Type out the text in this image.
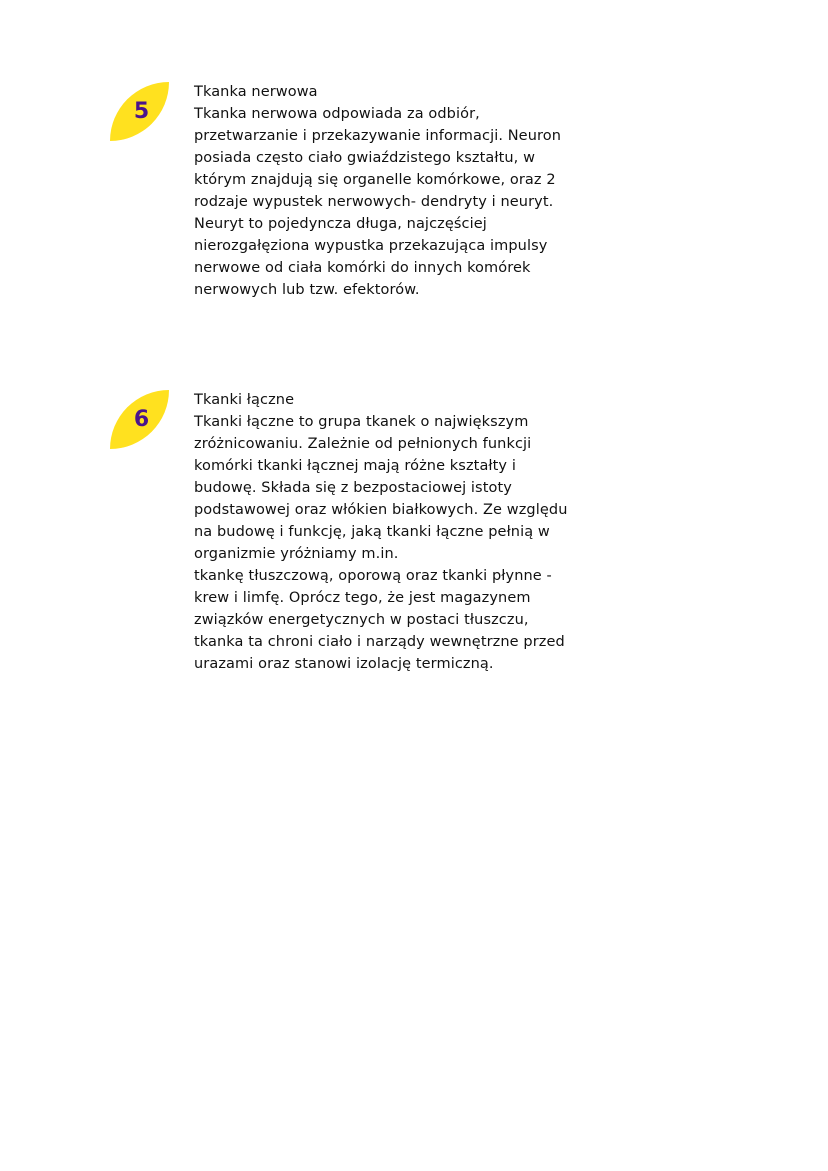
5
Tkanka nerwowa
Tkanka nerwowa odpowiada za odbiór,
przetwarzanie i przekazywanie informacji. Neuron
posiada często ciało gwiaździstego kształtu, w
którym znajdują się organelle komórkowe, oraz 2
rodzaje wypustek nerwowych- dendryty i neuryt.
Neuryt to pojedyncza długa, najczęściej
nierozgałęziona wypustka przekazująca impulsy
nerwowe od ciała komórki do innych komórek
nerwowych lub tzw. efektorów.
6
Tkanki łączne
Tkanki łączne to grupa tkanek o największym
zróżnicowaniu. Zależnie od pełnionych funkcji
komórki tkanki łącznej mają różne kształty i
budowę. Składa się z bezpostaciowej istoty
podstawowej oraz włókien białkowych. Ze względu
na budowę i funkcję, jaką tkanki łączne pełnią w
organizmie yróżniamy m.in.
tkankę tłuszczową, oporową oraz tkanki płynne -
krew i limfę. Oprócz tego, że jest magazynem
związków energetycznych w postaci tłuszczu,
tkanka ta chroni ciało i narządy wewnętrzne przed
urazami oraz stanowi izolację termiczną.
